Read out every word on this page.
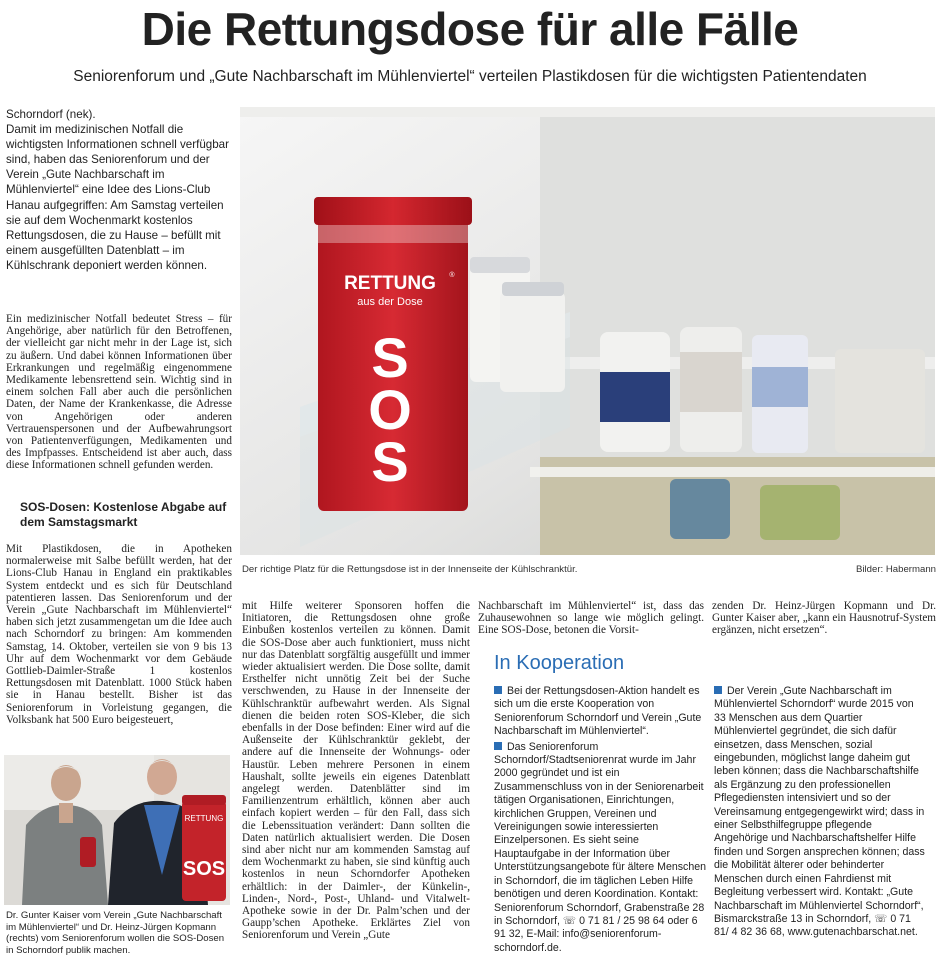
Die Rettungsdose für alle Fälle
Seniorenforum und „Gute Nachbarschaft im Mühlenviertel“ verteilen Plastikdosen für die wichtigsten Patientendaten

Schorndorf (nek).

Damit im medizinischen Notfall die wichtigsten Informationen schnell verfügbar sind, haben das Seniorenforum und der Verein „Gute Nachbarschaft im Mühlenviertel“ eine Idee des Lions-Club Hanau aufgegriffen: Am Samstag verteilen sie auf dem Wochenmarkt kostenlos Rettungsdosen, die zu Hause – befüllt mit einem ausgefüllten Datenblatt – im Kühlschrank deponiert werden können.

Ein medizinischer Notfall bedeutet Stress – für Angehörige, aber natürlich für den Betroffenen, der vielleicht gar nicht mehr in der Lage ist, sich zu äußern. Und dabei können Informationen über Erkrankungen und regelmäßig eingenommene Medikamente lebensrettend sein. Wichtig sind in einem solchen Fall aber auch die persönlichen Daten, der Name der Krankenkasse, die Adresse von Angehörigen oder anderen Vertrauenspersonen und der Aufbewahrungsort von Patientenverfügungen, Medikamenten und des Impfpasses. Entscheidend ist aber auch, dass diese Informationen schnell gefunden werden.
SOS-Dosen: Kostenlose Abgabe auf dem Samstagsmarkt
Mit Plastikdosen, die in Apotheken normalerweise mit Salbe befüllt werden, hat der Lions-Club Hanau in England ein praktikables System entdeckt und es sich für Deutschland patentieren lassen. Das Seniorenforum und der Verein „Gute Nachbarschaft im Mühlenviertel“ haben sich jetzt zusammengetan um die Idee auch nach Schorndorf zu bringen: Am kommenden Samstag, 14. Oktober, verteilen sie von 9 bis 13 Uhr auf dem Wochenmarkt vor dem Gebäude Gottlieb-Daimler-Straße 1 kostenlos Rettungsdosen mit Datenblatt. 1000 Stück haben sie in Hanau bestellt. Bisher ist das Seniorenforum in Vorleistung gegangen, die Volksbank hat 500 Euro beigesteuert,
RETTUNG
SOS
Dr. Gunter Kaiser vom Verein „Gute Nachbarschaft im Mühlenviertel“ und Dr. Heinz-Jürgen Kopmann (rechts) vom Seniorenforum wollen die SOS-Dosen in Schorndorf publik machen.
RETTUNG ®
aus der Dose
S
O
S
Der richtige Platz für die Rettungsdose ist in der Innenseite der Kühlschranktür.	Bilder: Habermann
mit Hilfe weiterer Sponsoren hoffen die Initiatoren, die Rettungsdosen ohne große Einbußen kostenlos verteilen zu können. Damit die SOS-Dose aber auch funktioniert, muss nicht nur das Datenblatt sorgfältig ausgefüllt und immer wieder aktualisiert werden. Die Dose sollte, damit Ersthelfer nicht unnötig Zeit bei der Suche verschwenden, zu Hause in der Innenseite der Kühlschranktür aufbewahrt werden. Als Signal dienen die beiden roten SOS-Kleber, die sich ebenfalls in der Dose befinden: Einer wird auf die Außenseite der Kühlschranktür geklebt, der andere auf die Innenseite der Wohnungs- oder Haustür. Leben mehrere Personen in einem Haushalt, sollte jeweils ein eigenes Datenblatt angelegt werden. Datenblätter sind im Familienzentrum erhältlich, können aber auch einfach kopiert werden – für den Fall, dass sich die Lebenssituation verändert: Dann sollten die Daten natürlich aktualisiert werden. Die Dosen sind aber nicht nur am kommenden Samstag auf dem Wochenmarkt zu haben, sie sind künftig auch kostenlos in neun Schorndorfer Apotheken erhältlich: in der Daimler-, der Künkelin-, Linden-, Nord-, Post-, Uhland- und Vitalwelt-Apotheke sowie in der Dr. Palm’schen und der Gaupp’schen Apotheke. Erklärtes Ziel von Seniorenforum und Verein „Gute
Nachbarschaft im Mühlenviertel“ ist, dass das Zuhausewohnen so lange wie möglich gelingt. Eine SOS-Dose, betonen die Vorsit-
zenden Dr. Heinz-Jürgen Kopmann und Dr. Gunter Kaiser aber, „kann ein Hausnotruf-System ergänzen, nicht ersetzen“.
In Kooperation

Bei der Rettungsdosen-Aktion handelt es sich um die erste Kooperation von Seniorenforum Schorndorf und Verein „Gute Nachbarschaft im Mühlenviertel“.

Das Seniorenforum Schorndorf/Stadtseniorenrat wurde im Jahr 2000 gegründet und ist ein Zusammenschluss von in der Seniorenarbeit tätigen Organisationen, Einrichtungen, kirchlichen Gruppen, Vereinen und Vereinigungen sowie interessierten Einzelpersonen. Es sieht seine Hauptaufgabe in der Information über Unterstützungsangebote für ältere Menschen in Schorndorf, die im täglichen Leben Hilfe benötigen und deren Koordination. Kontakt: Seniorenforum Schorndorf, Grabenstraße 28 in Schorndorf, ☏ 0 71 81 / 25 98 64 oder 6 91 32, E-Mail: info@seniorenforum-schorndorf.de.

Der Verein „Gute Nachbarschaft im Mühlenviertel Schorndorf“ wurde 2015 von 33 Menschen aus dem Quartier Mühlenviertel gegründet, die sich dafür einsetzen, dass Menschen, sozial eingebunden, möglichst lange daheim gut leben können; dass die Nachbarschaftshilfe als Ergänzung zu den professionellen Pflegediensten intensiviert und so der Vereinsamung entgegengewirkt wird; dass in einer Selbsthilfegruppe pflegende Angehörige und Nachbarschaftshelfer Hilfe finden und Sorgen ansprechen können; dass die Mobilität älterer oder behinderter Menschen durch einen Fahrdienst mit Begleitung verbessert wird. Kontakt: „Gute Nachbarschaft im Mühlenviertel Schorndorf“, Bismarckstraße 13 in Schorndorf, ☏ 0 71 81/ 4 82 36 68, www.gutenachbarschat.net.
